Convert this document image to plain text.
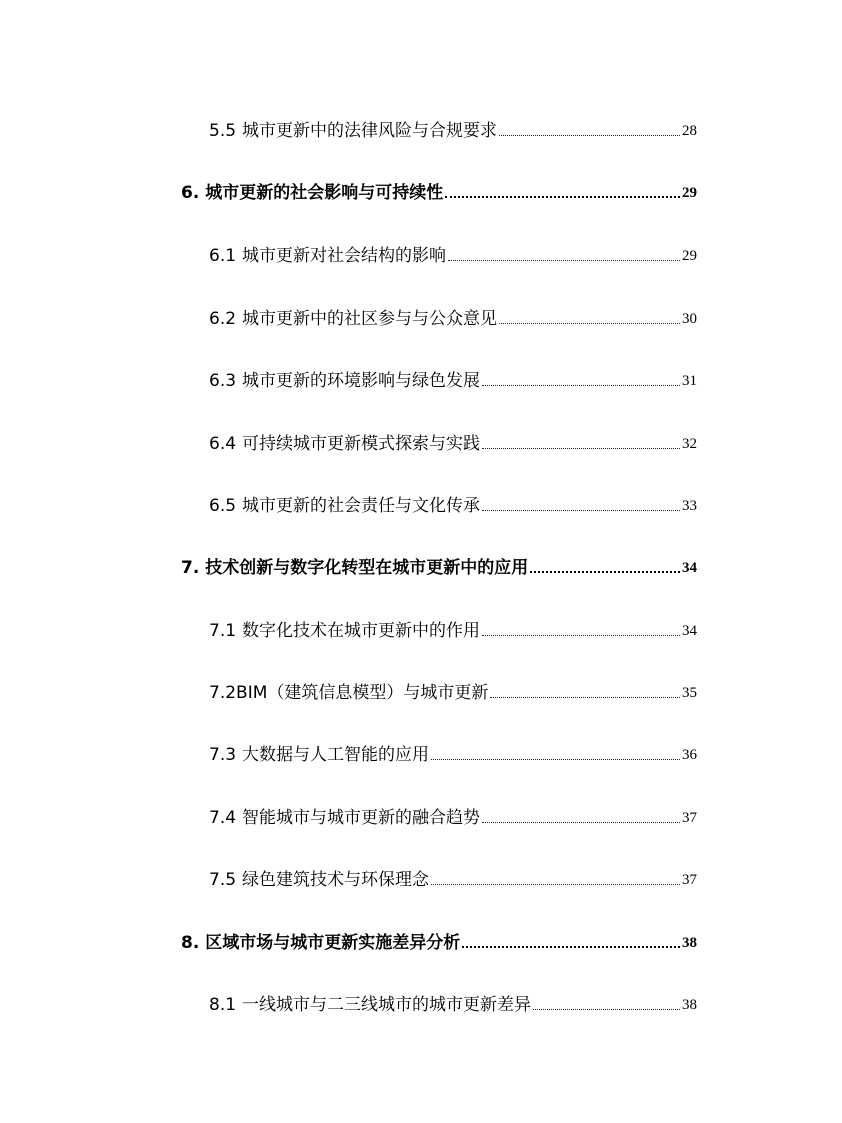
5.5 城市更新中的法律风险与合规要求	28
6. 城市更新的社会影响与可持续性	29
6.1 城市更新对社会结构的影响	29
6.2 城市更新中的社区参与与公众意见	30
6.3 城市更新的环境影响与绿色发展	31
6.4 可持续城市更新模式探索与实践	32
6.5 城市更新的社会责任与文化传承	33
7. 技术创新与数字化转型在城市更新中的应用	34
7.1 数字化技术在城市更新中的作用	34
7.2BIM（建筑信息模型）与城市更新	35
7.3 大数据与人工智能的应用	36
7.4 智能城市与城市更新的融合趋势	37
7.5 绿色建筑技术与环保理念	37
8. 区域市场与城市更新实施差异分析	38
8.1 一线城市与二三线城市的城市更新差异	38
